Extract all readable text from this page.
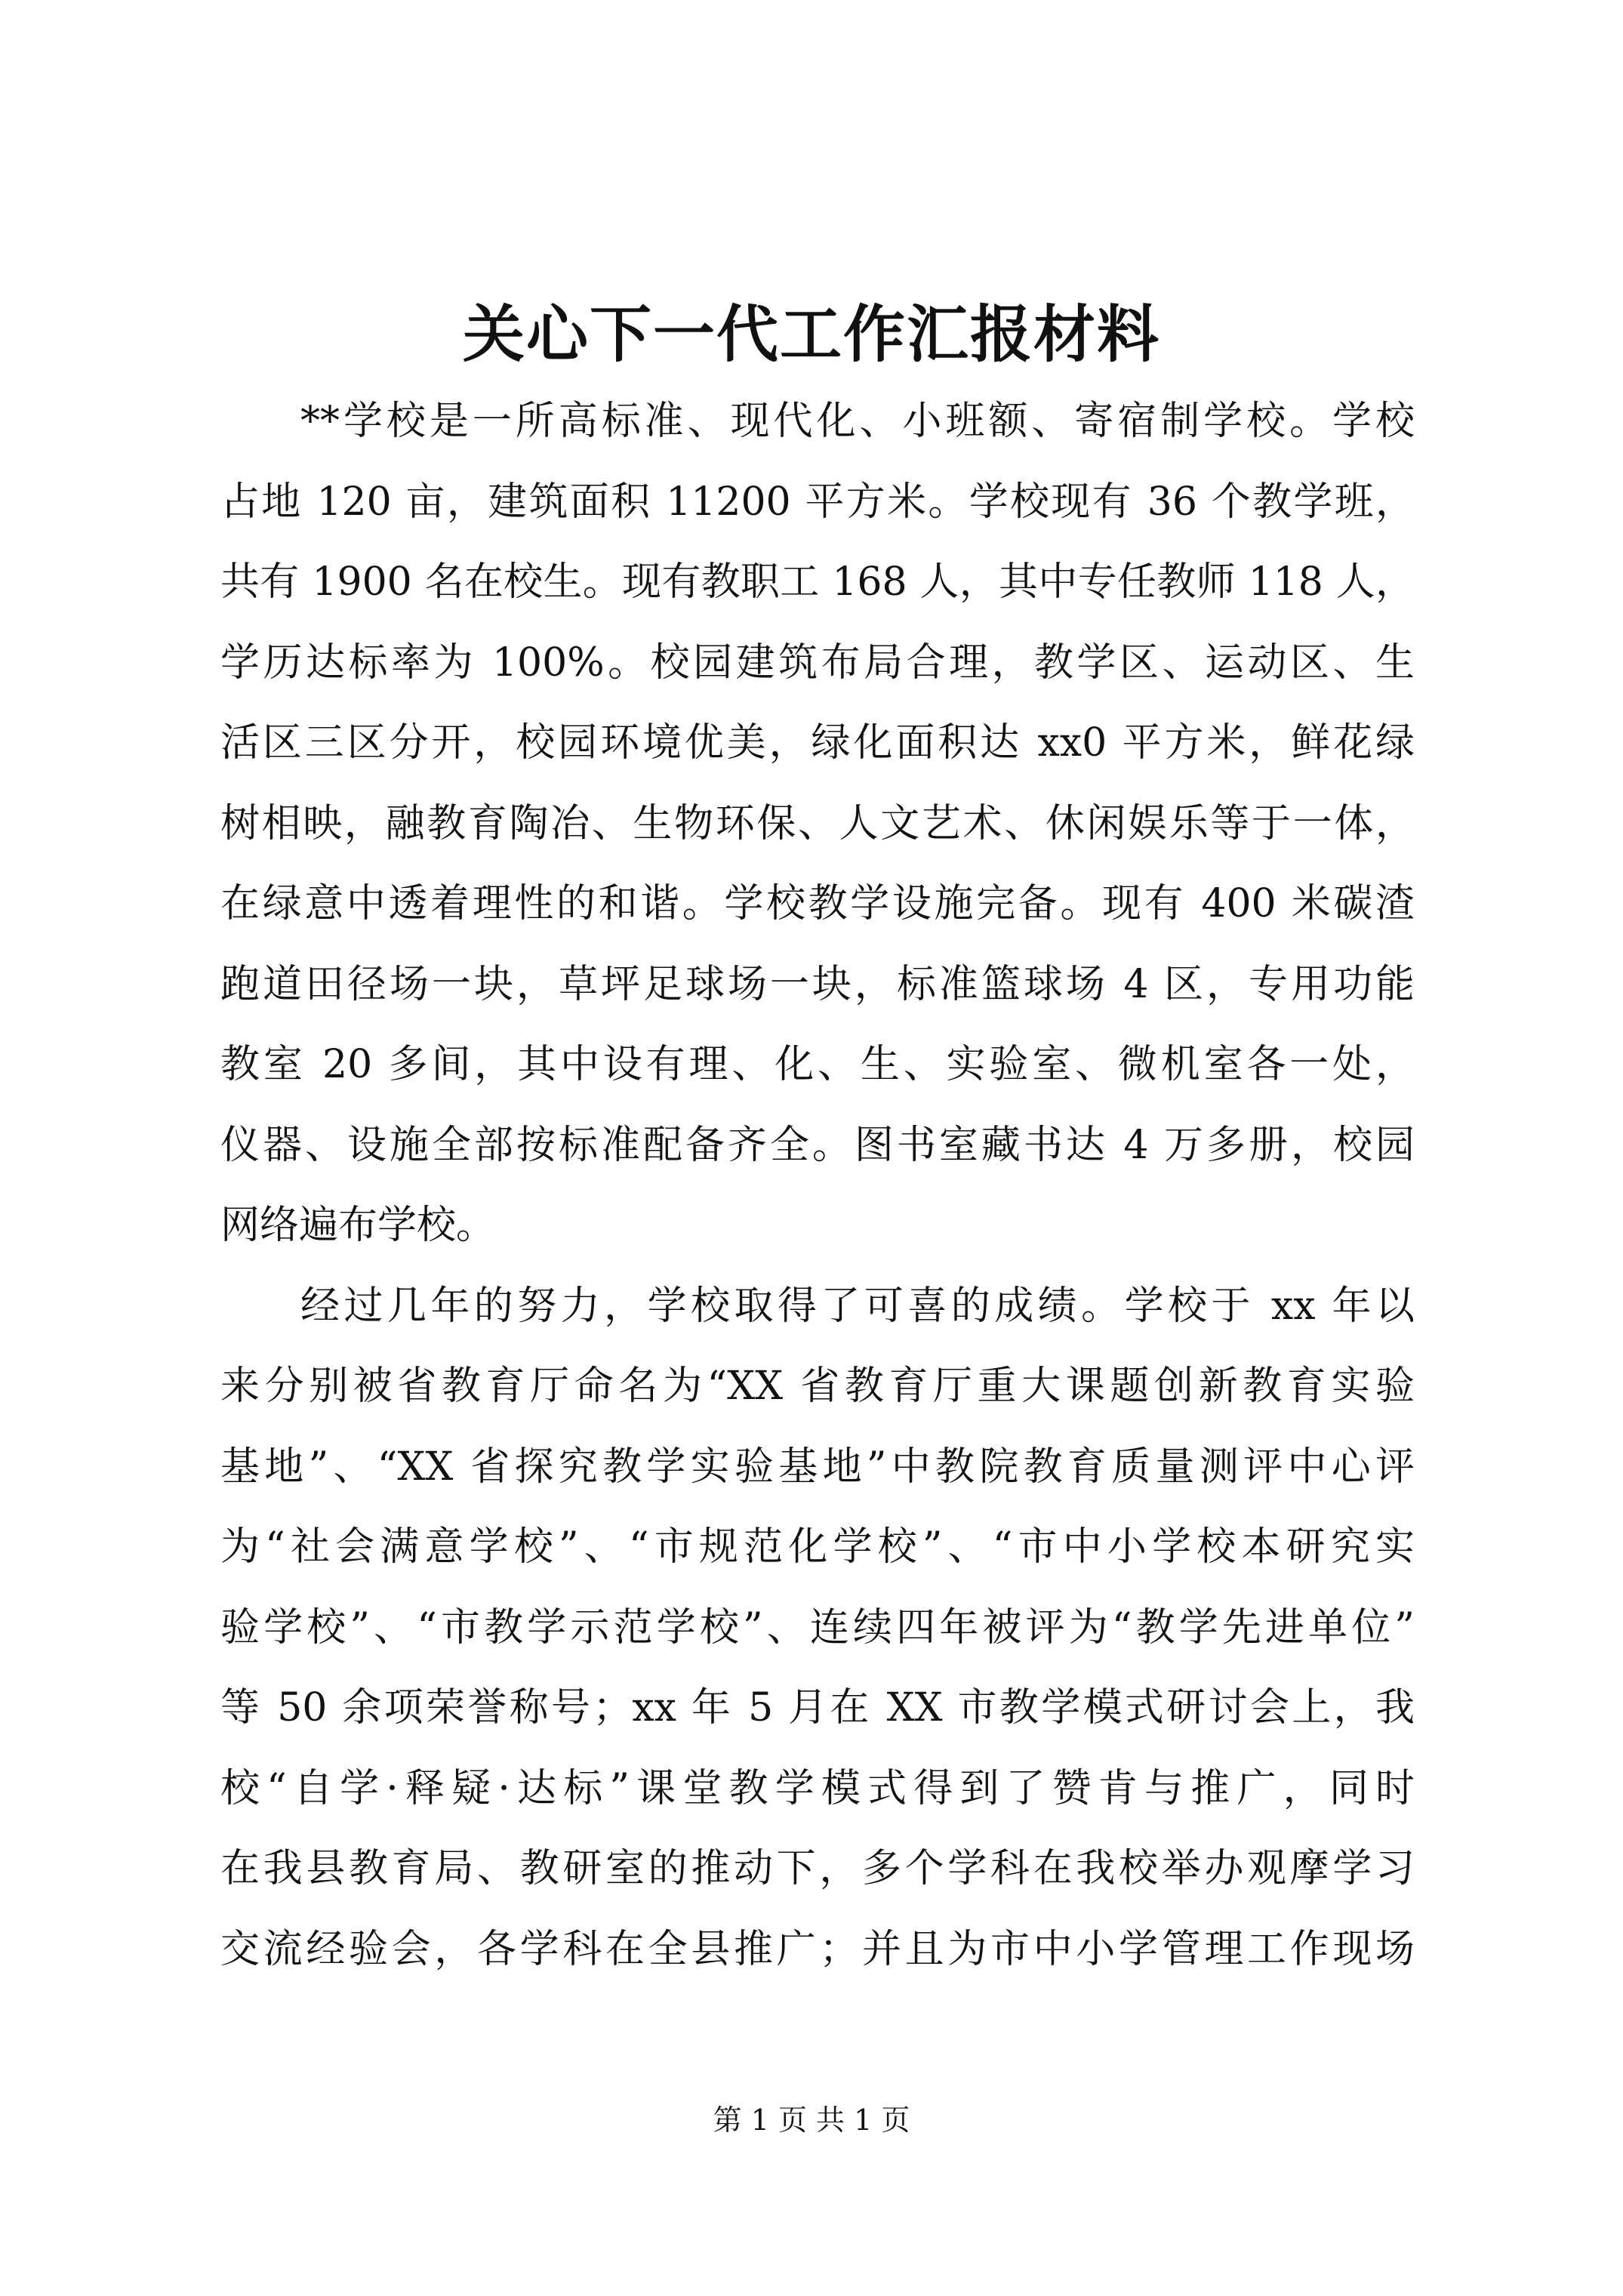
关心下一代工作汇报材料
**学校是一所高标准、现代化、小班额、寄宿制学校。学校
占地 120 亩，建筑面积 11200 平方米。学校现有 36 个教学班，
共有 1900 名在校生。现有教职工 168 人，其中专任教师 118 人，
学历达标率为 100%。校园建筑布局合理，教学区、运动区、生
活区三区分开，校园环境优美，绿化面积达 xx0 平方米，鲜花绿
树相映，融教育陶冶、生物环保、人文艺术、休闲娱乐等于一体，
在绿意中透着理性的和谐。学校教学设施完备。现有 400 米碳渣
跑道田径场一块，草坪足球场一块，标准篮球场 4 区，专用功能
教室 20 多间，其中设有理、化、生、实验室、微机室各一处，
仪器、设施全部按标准配备齐全。图书室藏书达 4 万多册，校园
网络遍布学校。
经过几年的努力，学校取得了可喜的成绩。学校于 xx 年以
来分别被省教育厅命名为“XX 省教育厅重大课题创新教育实验
基地”、“XX 省探究教学实验基地”中教院教育质量测评中心评
为“社会满意学校”、“市规范化学校”、“市中小学校本研究实
验学校”、“市教学示范学校”、连续四年被评为“教学先进单位”
等 50 余项荣誉称号；xx 年 5 月在 XX 市教学模式研讨会上，我
校“自学·释疑·达标”课堂教学模式得到了赞肯与推广，同时
在我县教育局、教研室的推动下，多个学科在我校举办观摩学习
交流经验会，各学科在全县推广；并且为市中小学管理工作现场
第 1 页 共 1 页
